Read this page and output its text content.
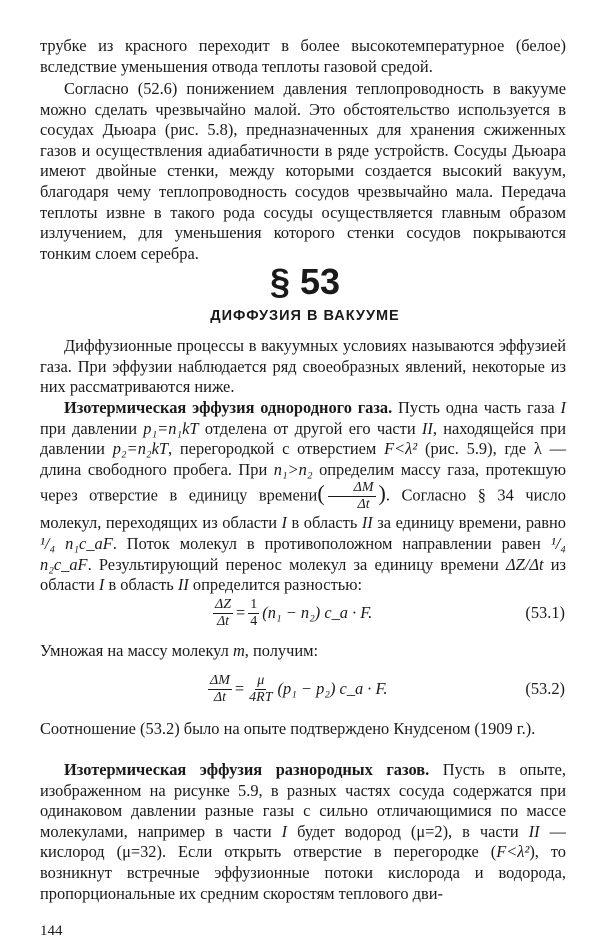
трубке из красного переходит в более высокотемпературное (белое) вследствие уменьшения отвода теплоты газовой средой.

Согласно (52.6) понижением давления теплопроводность в вакууме можно сделать чрезвычайно малой. Это обстоятельство используется в сосудах Дьюара (рис. 5.8), предназначенных для хранения сжиженных газов и осуществления адиабатичности в ряде устройств. Сосуды Дьюара имеют двойные стенки, между которыми создается высокий вакуум, благодаря чему теплопроводность сосудов чрезвычайно мала. Передача теплоты извне в такого рода сосуды осуществляется главным образом излучением, для уменьшения которого стенки сосудов покрываются тонким слоем серебра.

§ 53
ДИФФУЗИЯ В ВАКУУМЕ

Диффузионные процессы в вакуумных условиях называются эффузией газа. При эффузии наблюдается ряд своеобразных явлений, некоторые из них рассматриваются ниже.

Изотермическая эффузия однородного газа. Пусть одна часть газа I при давлении p₁=n₁kT отделена от другой его части II, находящейся при давлении p₂=n₂kT, перегородкой с отверстием F<λ² (рис. 5.9), где λ — длина свободного пробега. При n₁>n₂ определим массу газа, протекшую через отверстие в единицу времени( $\frac{\Delta M}{\Delta t}$ ). Согласно § 34 число молекул, переходящих из области I в область II за единицу времени, равно ¹/₄ n₁c_aF. Поток молекул в противоположном направлении равен ¹/₄ n₂c_aF. Результирующий перенос молекул за единицу времени ΔZ/Δt из области I в область II определится разностью:

$\frac{\Delta Z}{\Delta t} = \frac{1}{4} (n_1 - n_2)$ c_a · F.	(53.1)

Умножая на массу молекул m, получим:

$\frac{\Delta M}{\Delta t} = \frac{\mu}{4RT} (p_1 - p_2)$ c_a · F.	(53.2)

Соотношение (53.2) было на опыте подтверждено Кнудсеном (1909 г.).

Изотермическая эффузия разнородных газов. Пусть в опыте, изображенном на рисунке 5.9, в разных частях сосуда содержатся при одинаковом давлении разные газы с сильно отличающимися по массе молекулами, например в части I будет водород (μ=2), в части II — кислород (μ=32). Если открыть отверстие в перегородке (F<λ²), то возникнут встречные эффузионные потоки кислорода и водорода, пропорциональные их средним скоростям теплового дви-

144
